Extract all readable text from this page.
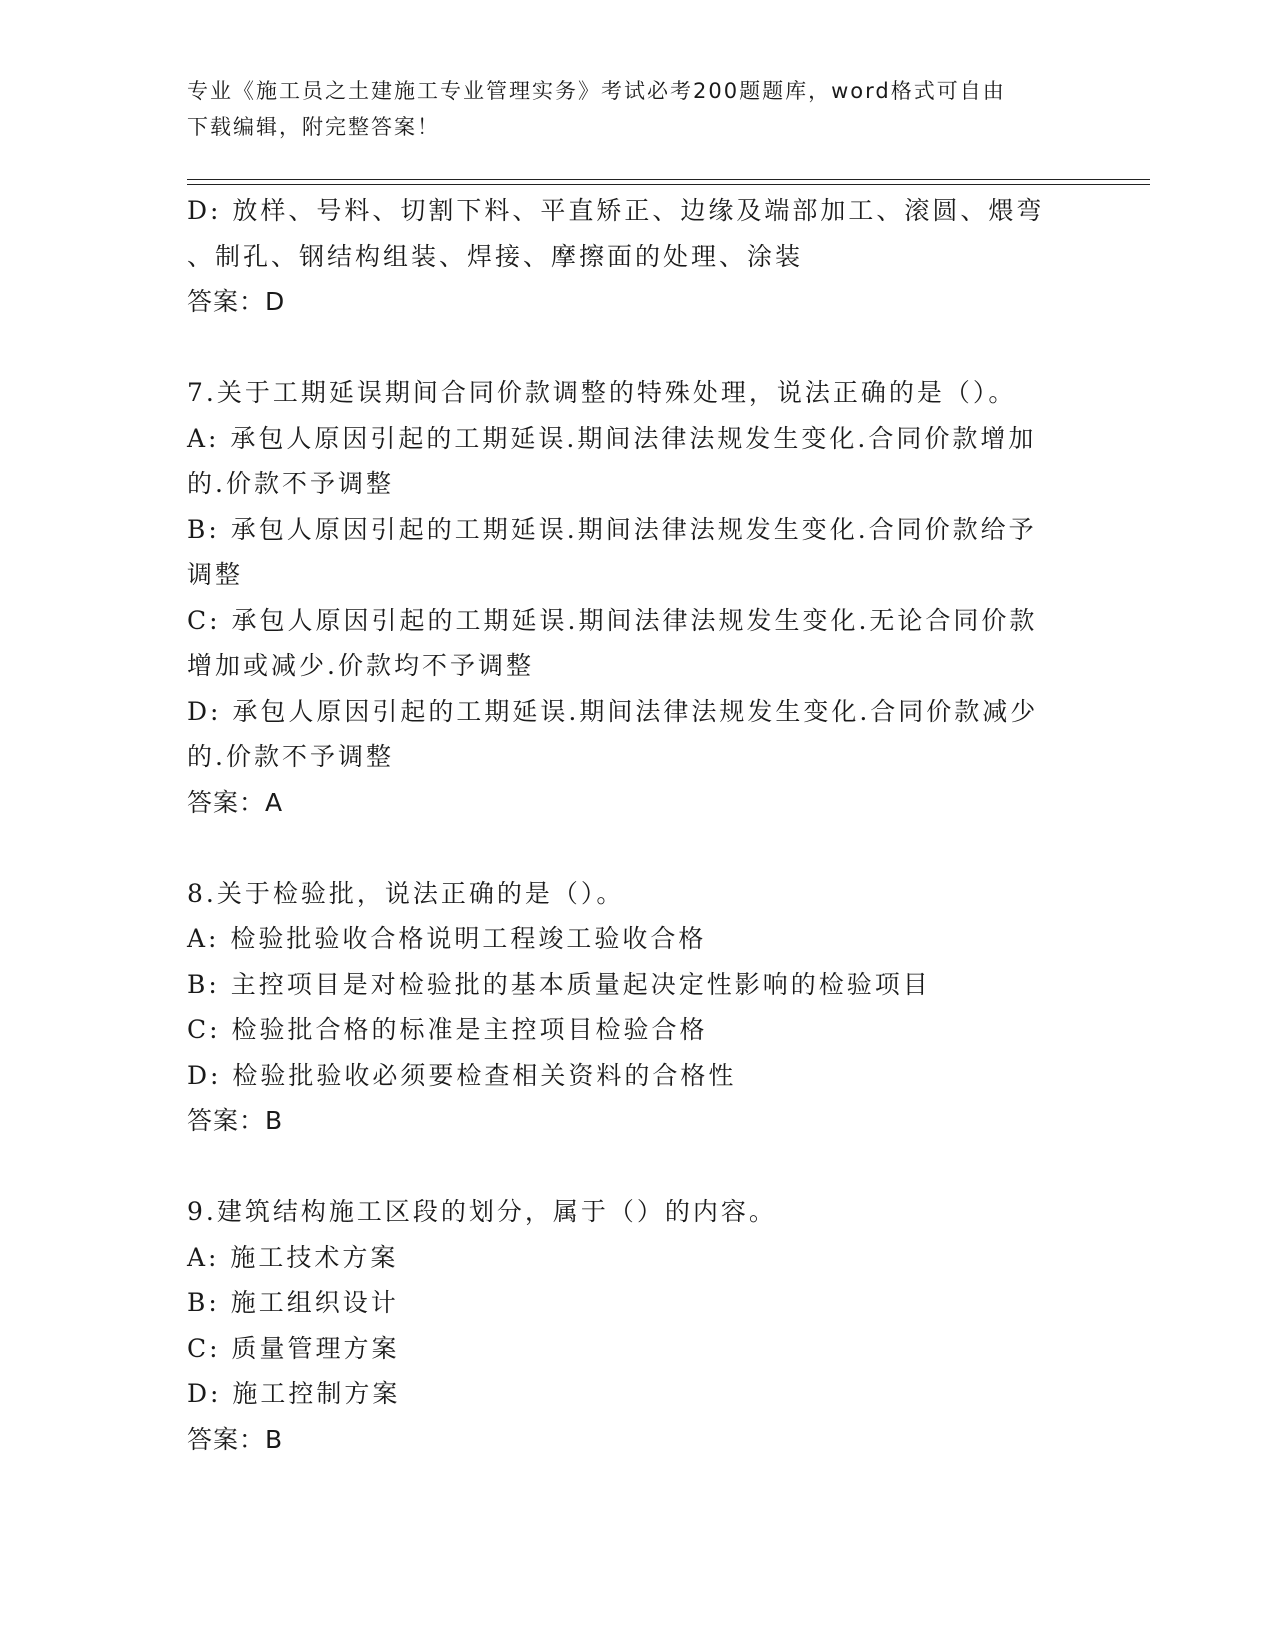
专业《施工员之土建施工专业管理实务》考试必考200题题库，word格式可自由
下载编辑，附完整答案！
D: 放样、号料、切割下料、平直矫正、边缘及端部加工、滚圆、煨弯
、制孔、钢结构组装、焊接、摩擦面的处理、涂装
答案：D
7.关于工期延误期间合同价款调整的特殊处理，说法正确的是（）。
A: 承包人原因引起的工期延误.期间法律法规发生变化.合同价款增加
的.价款不予调整
B: 承包人原因引起的工期延误.期间法律法规发生变化.合同价款给予
调整
C: 承包人原因引起的工期延误.期间法律法规发生变化.无论合同价款
增加或减少.价款均不予调整
D: 承包人原因引起的工期延误.期间法律法规发生变化.合同价款减少
的.价款不予调整
答案：A
8.关于检验批，说法正确的是（）。
A: 检验批验收合格说明工程竣工验收合格
B: 主控项目是对检验批的基本质量起决定性影响的检验项目
C: 检验批合格的标准是主控项目检验合格
D: 检验批验收必须要检查相关资料的合格性
答案：B
9.建筑结构施工区段的划分，属于（）的内容。
A: 施工技术方案
B: 施工组织设计
C: 质量管理方案
D: 施工控制方案
答案：B
